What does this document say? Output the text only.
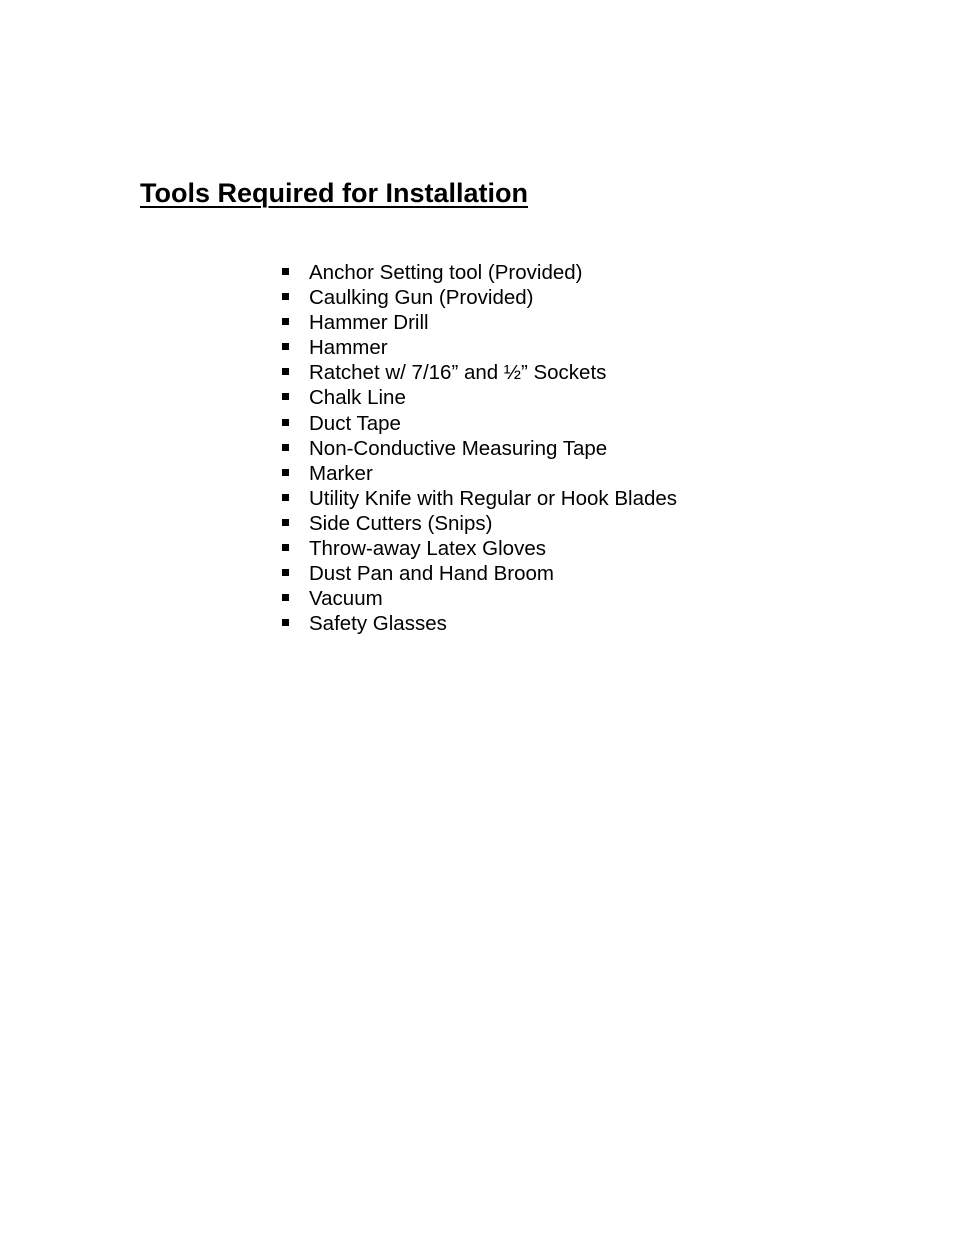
Tools Required for Installation
Anchor Setting tool (Provided)
Caulking Gun (Provided)
Hammer Drill
Hammer
Ratchet w/ 7/16” and ½” Sockets
Chalk Line
Duct Tape
Non-Conductive Measuring Tape
Marker
Utility Knife with Regular or Hook Blades
Side Cutters (Snips)
Throw-away Latex Gloves
Dust Pan and Hand Broom
Vacuum
Safety Glasses
